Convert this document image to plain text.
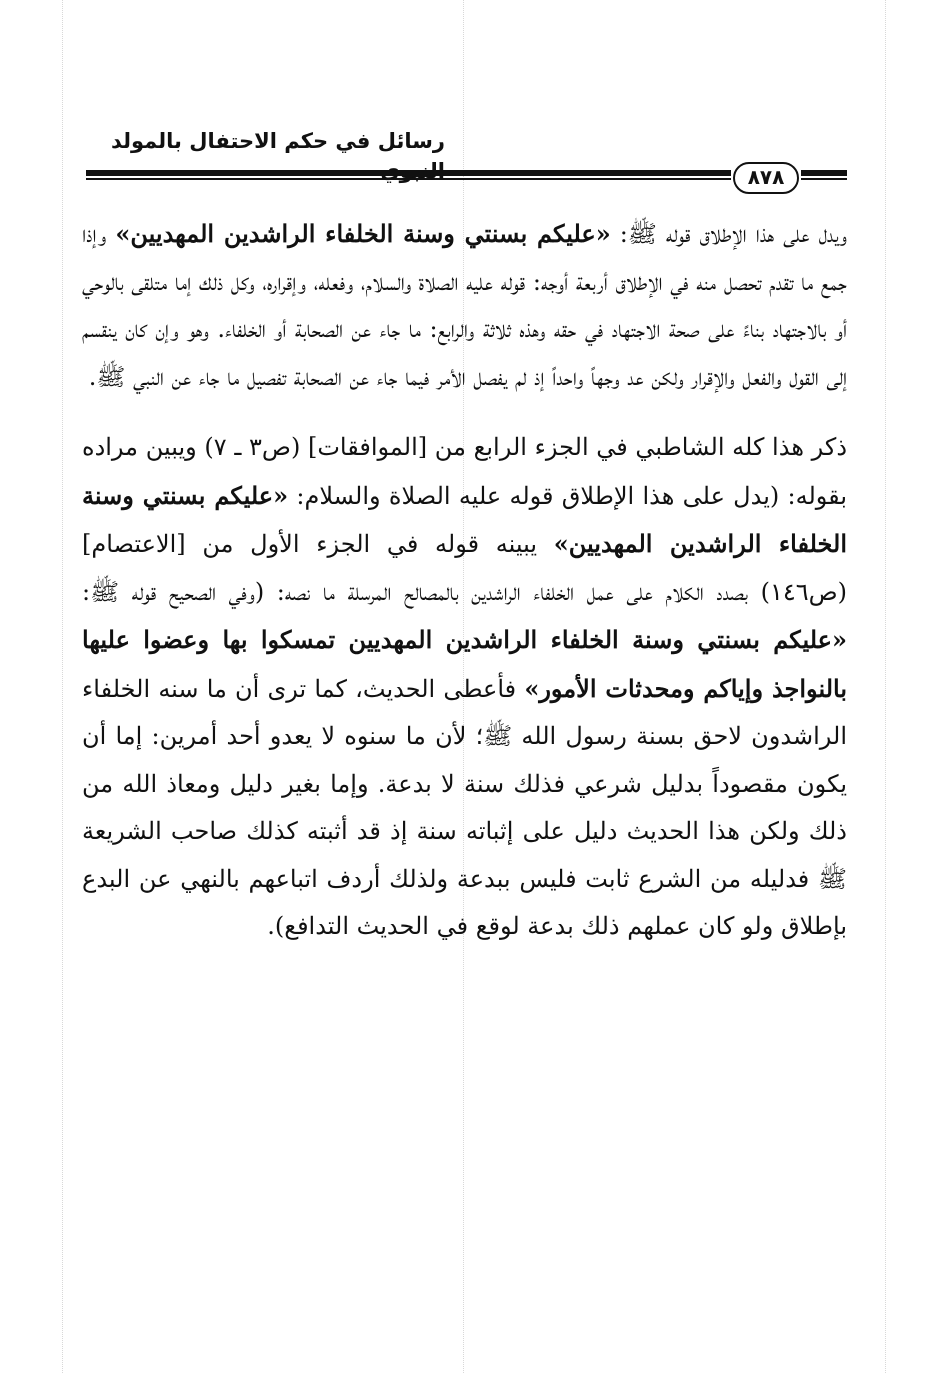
رسائل في حكم الاحتفال بالمولد
٨٧٨

ويدل على هذا الإطلاق قوله ﷺ: «عليكم بسنتي وسنة الخلفاء الراشدين المهديين» وإذا جمع ما تقدم تحصل منه في الإطلاق أربعة أوجه: قوله عليه الصلاة والسلام، وفعله، وإقراره، وكل ذلك إما متلقى بالوحي أو بالاجتهاد بناءً على صحة الاجتهاد في حقه وهذه ثلاثة والرابع: ما جاء عن الصحابة أو الخلفاء. وهو وإن كان ينقسم إلى القول والفعل والإقرار ولكن عد وجهاً واحداً إذ لم يفصل الأمر فيما جاء عن الصحابة تفصيل ما جاء عن النبي ﷺ.

ذكر هذا كله الشاطبي في الجزء الرابع من [الموافقات] (ص٣ ـ ٧) ويبين مراده بقوله: (يدل على هذا الإطلاق قوله عليه الصلاة والسلام: «عليكم بسنتي وسنة الخلفاء الراشدين المهديين» يبينه قوله في الجزء الأول من [الاعتصام] (ص١٤٦) بصدد الكلام على عمل الخلفاء الراشدين بالمصالح المرسلة ما نصه: (وفي الصحيح قوله ﷺ: «عليكم بسنتي وسنة الخلفاء الراشدين المهديين تمسكوا بها وعضوا عليها بالنواجذ وإياكم ومحدثات الأمور» فأعطى الحديث، كما ترى أن ما سنه الخلفاء الراشدون لاحق بسنة رسول الله ﷺ؛ لأن ما سنوه لا يعدو أحد أمرين: إما أن يكون مقصوداً بدليل شرعي فذلك سنة لا بدعة. وإما بغير دليل ومعاذ الله من ذلك ولكن هذا الحديث دليل على إثباته سنة إذ قد أثبته كذلك صاحب الشريعة ﷺ فدليله من الشرع ثابت فليس ببدعة ولذلك أردف اتباعهم بالنهي عن البدع بإطلاق ولو كان عملهم ذلك بدعة لوقع في الحديث التدافع).
